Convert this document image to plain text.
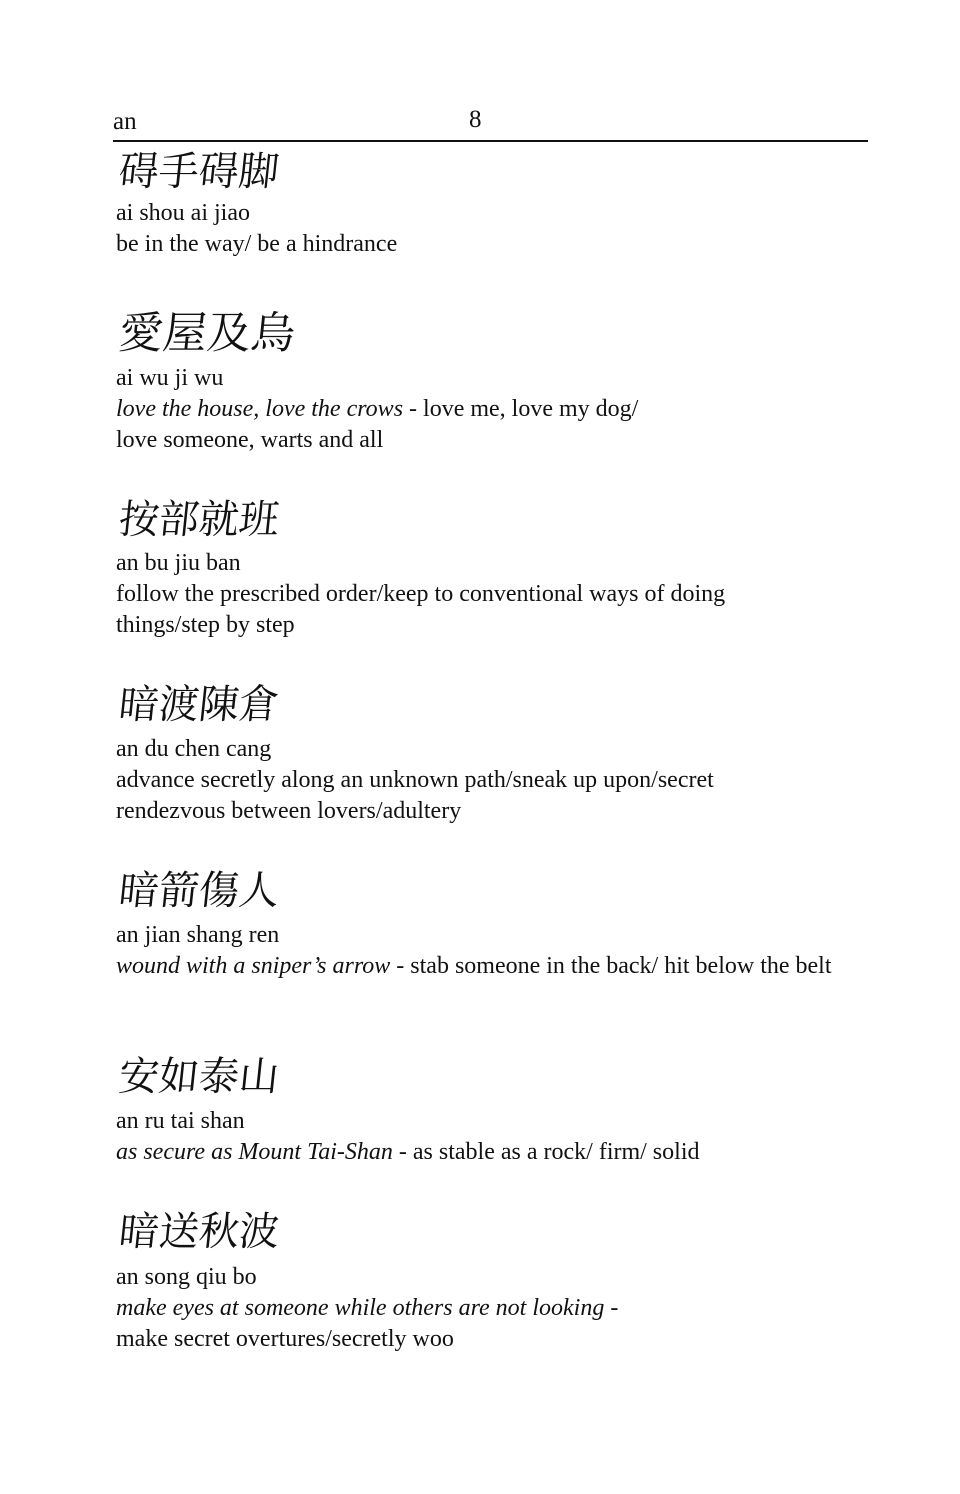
an	8
碍手碍脚
ai shou ai jiao
be in the way/ be a hindrance
愛屋及烏
ai wu ji wu
love the house, love the crows - love me, love my dog/ love someone, warts and all
按部就班
an bu jiu ban
follow the prescribed order/keep to conventional ways of doing things/step by step
暗渡陳倉
an du chen cang
advance secretly along an unknown path/sneak up upon/secret rendezvous between lovers/adultery
暗箭傷人
an jian shang ren
wound with a sniper’s arrow - stab someone in the back/ hit below the belt
安如泰山
an ru tai shan
as secure as Mount Tai-Shan - as stable as a rock/ firm/ solid
暗送秋波
an song qiu bo
make eyes at someone while others are not looking - make secret overtures/secretly woo
